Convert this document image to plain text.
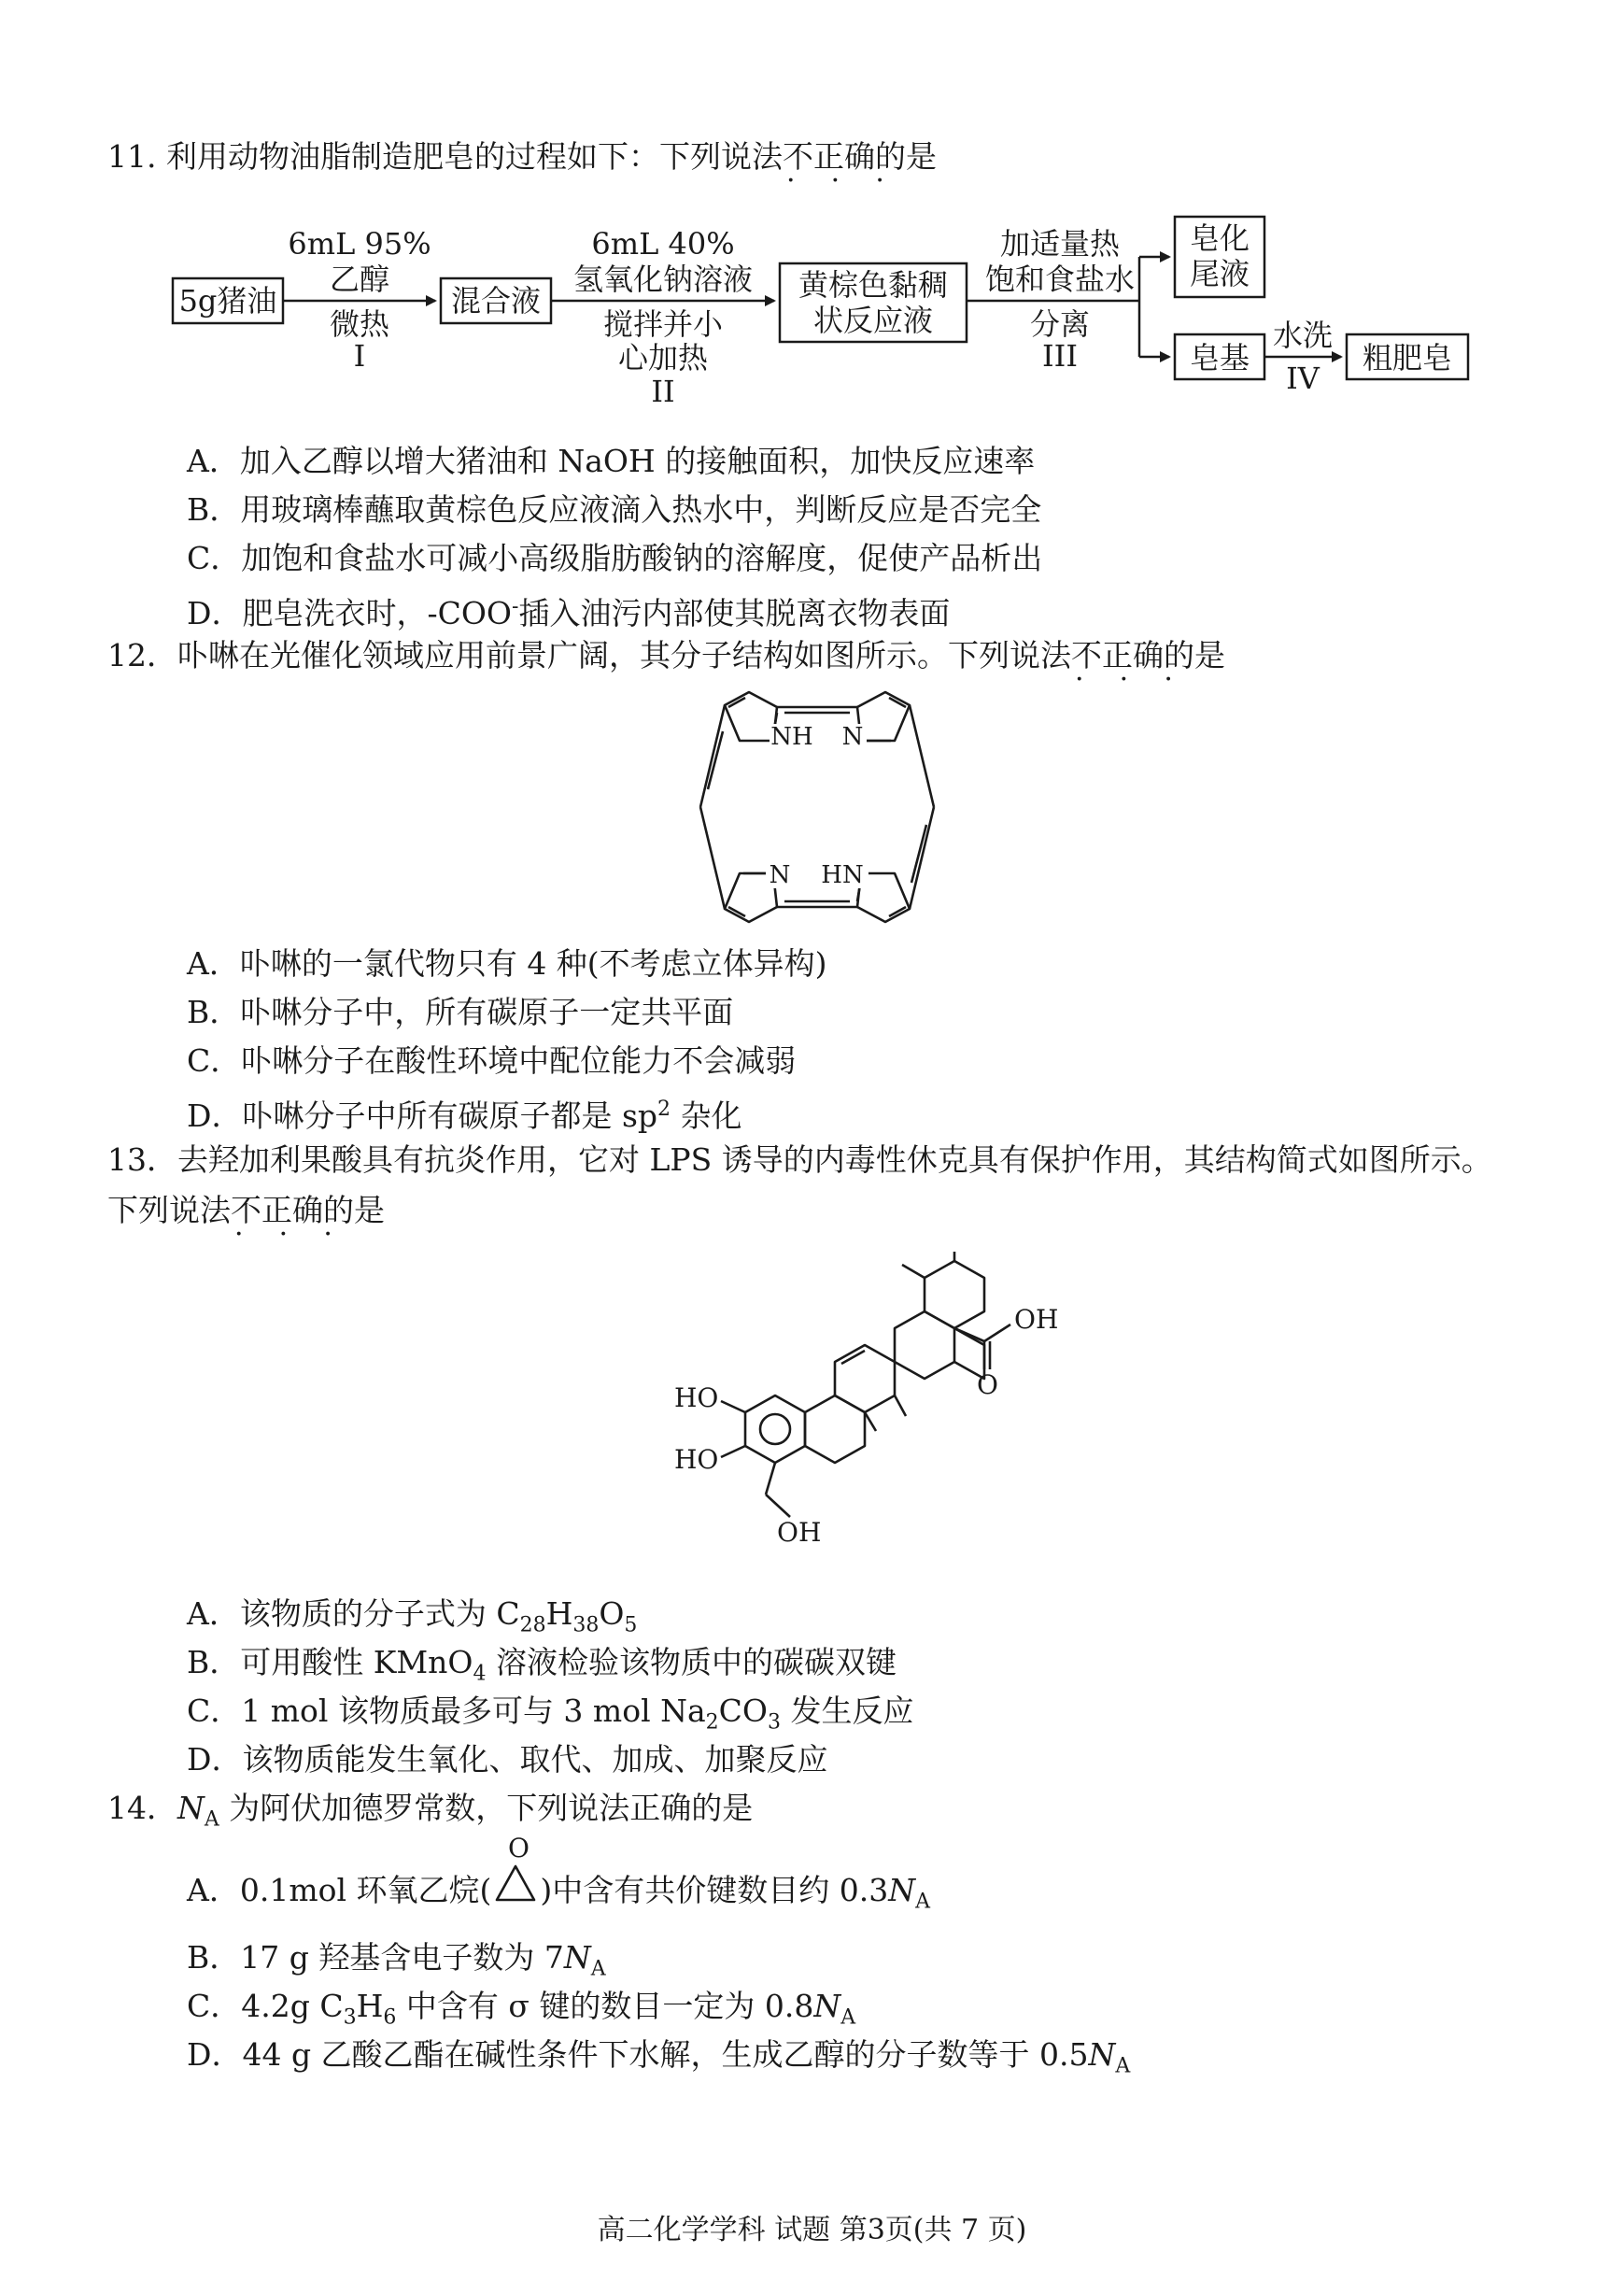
11. 利用动物油脂制造肥皂的过程如下：下列说法不正确的是
5g猪油
6mL 95%
乙醇
微热
I
混合液
6mL 40%
氢氧化钠溶液
搅拌并小
心加热
II
黄棕色黏稠
状反应液
加适量热
饱和食盐水
分离
III
皂化
尾液
皂基
水洗
IV
粗肥皂
A．加入乙醇以增大猪油和 NaOH 的接触面积，加快反应速率
B．用玻璃棒蘸取黄棕色反应液滴入热水中，判断反应是否完全
C．加饱和食盐水可减小高级脂肪酸钠的溶解度，促使产品析出
D．肥皂洗衣时，-COO-插入油污内部使其脱离衣物表面
12．卟啉在光催化领域应用前景广阔，其分子结构如图所示。下列说法不正确的是
NH N
N HN
A．卟啉的一氯代物只有 4 种(不考虑立体异构)
B．卟啉分子中，所有碳原子一定共平面
C．卟啉分子在酸性环境中配位能力不会减弱
D．卟啉分子中所有碳原子都是 $sp^2$ 杂化
13．去羟加利果酸具有抗炎作用，它对 LPS 诱导的内毒性休克具有保护作用，其结构简式如图所示。
下列说法不正确的是
OH
O
HO
HO
OH
A．该物质的分子式为 $C_{28}H_{38}O_5$
B．可用酸性 KMnO$_4$ 溶液检验该物质中的碳碳双键
C．1 mol 该物质最多可与 3 mol $Na_2CO_3$ 发生反应
D．该物质能发生氧化、取代、加成、加聚反应
14．$N_A$ 为阿伏加德罗常数，下列说法正确的是
A．0.1mol 环氧乙烷(
O
)中含有共价键数目约 $0.3N_A$
B．17 g 羟基含电子数为 $7N_A$
C．4.2g $C_3H_6$ 中含有 σ 键的数目一定为 $0.8N_A$
D．44 g 乙酸乙酯在碱性条件下水解，生成乙醇的分子数等于 $0.5N_A$
高二化学学科 试题 第3页(共 7 页)
